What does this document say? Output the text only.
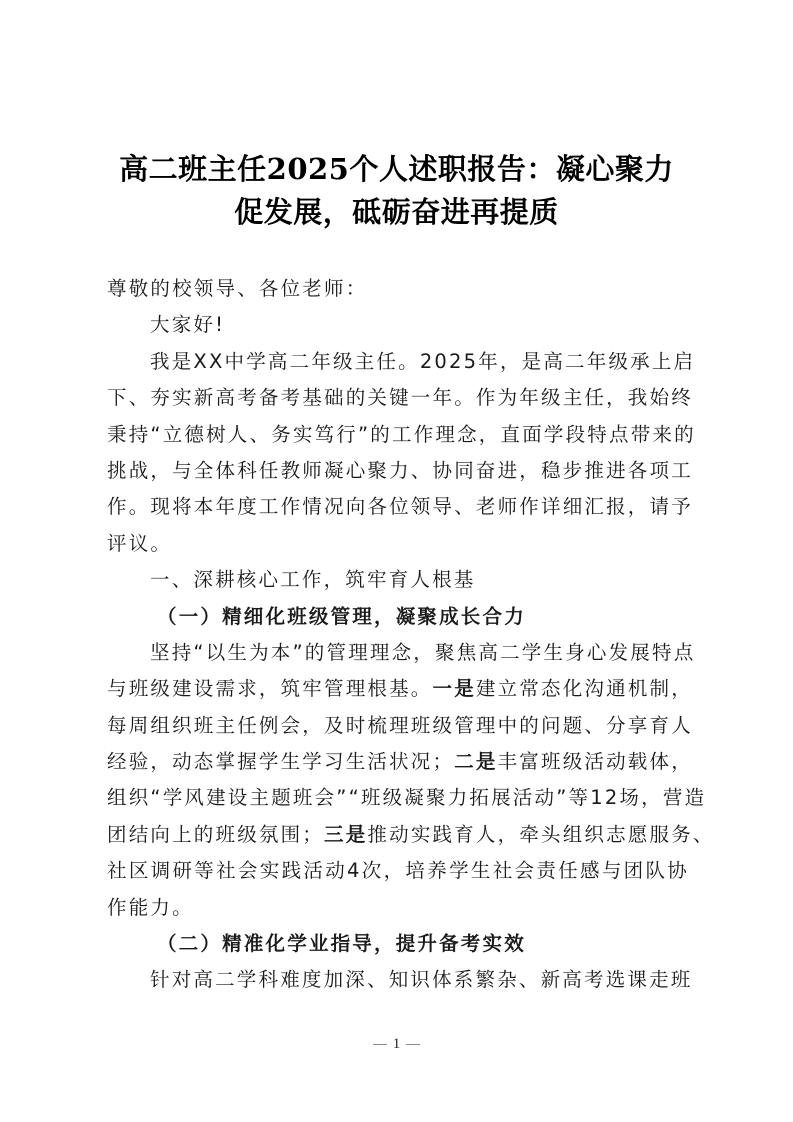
高二班主任2025个人述职报告：凝心聚力
促发展，砥砺奋进再提质
尊敬的校领导、各位老师：
大家好!
我是XX中学高二年级主任。2025年，是高二年级承上启
下、夯实新高考备考基础的关键一年。作为年级主任，我始终
秉持“立德树人、务实笃行”的工作理念，直面学段特点带来的
挑战，与全体科任教师凝心聚力、协同奋进，稳步推进各项工
作。现将本年度工作情况向各位领导、老师作详细汇报，请予
评议。
一、深耕核心工作，筑牢育人根基
（一）精细化班级管理，凝聚成长合力
坚持“以生为本”的管理理念，聚焦高二学生身心发展特点
与班级建设需求，筑牢管理根基。一是建立常态化沟通机制，
每周组织班主任例会，及时梳理班级管理中的问题、分享育人
经验，动态掌握学生学习生活状况；二是丰富班级活动载体，
组织“学风建设主题班会”“班级凝聚力拓展活动”等12场，营造
团结向上的班级氛围；三是推动实践育人，牵头组织志愿服务、
社区调研等社会实践活动4次，培养学生社会责任感与团队协
作能力。
（二）精准化学业指导，提升备考实效
针对高二学科难度加深、知识体系繁杂、新高考选课走班
1
